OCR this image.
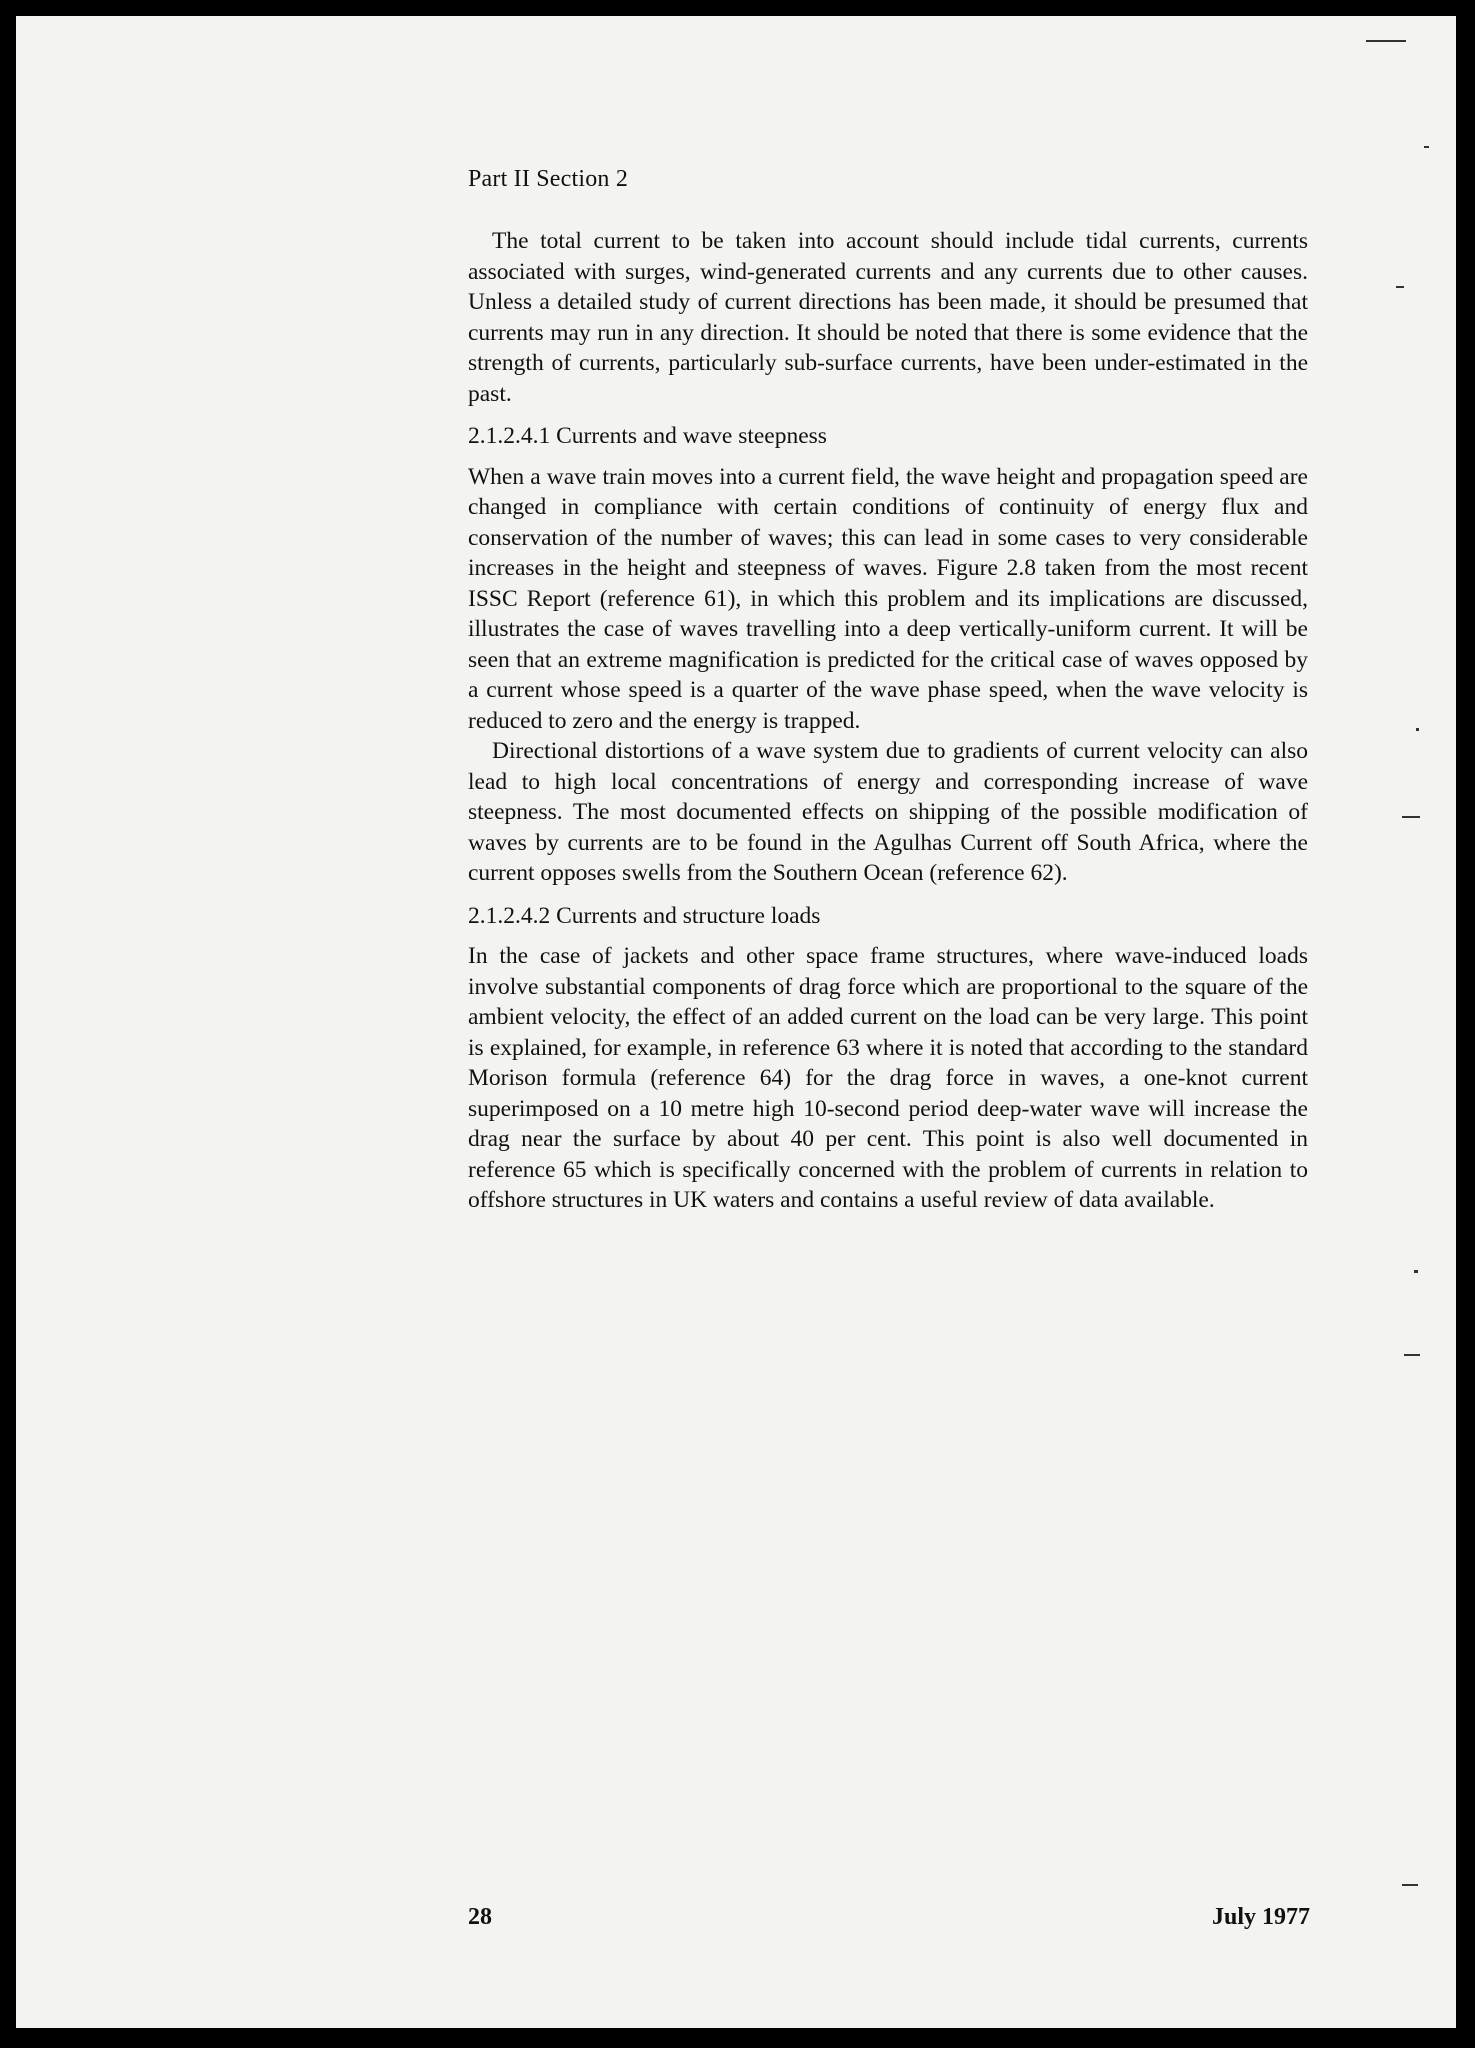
Part II Section 2

The total current to be taken into account should include tidal currents, currents associated with surges, wind-generated currents and any currents due to other causes. Unless a detailed study of current directions has been made, it should be presumed that currents may run in any direction. It should be noted that there is some evidence that the strength of currents, particularly sub-surface currents, have been under-estimated in the past.

2.1.2.4.1 Currents and wave steepness

When a wave train moves into a current field, the wave height and propagation speed are changed in compliance with certain conditions of continuity of energy flux and conservation of the number of waves; this can lead in some cases to very considerable increases in the height and steepness of waves. Figure 2.8 taken from the most recent ISSC Report (reference 61), in which this problem and its implications are discussed, illustrates the case of waves travelling into a deep vertically-uniform current. It will be seen that an extreme magnification is predicted for the critical case of waves opposed by a current whose speed is a quarter of the wave phase speed, when the wave velocity is reduced to zero and the energy is trapped.

Directional distortions of a wave system due to gradients of current velocity can also lead to high local concentrations of energy and corresponding increase of wave steepness. The most documented effects on shipping of the possible modification of waves by currents are to be found in the Agulhas Current off South Africa, where the current opposes swells from the Southern Ocean (reference 62).

2.1.2.4.2 Currents and structure loads

In the case of jackets and other space frame structures, where wave-induced loads involve substantial components of drag force which are proportional to the square of the ambient velocity, the effect of an added current on the load can be very large. This point is explained, for example, in reference 63 where it is noted that according to the standard Morison formula (reference 64) for the drag force in waves, a one-knot current superimposed on a 10 metre high 10-second period deep-water wave will increase the drag near the surface by about 40 per cent. This point is also well documented in reference 65 which is specifically concerned with the problem of currents in relation to offshore structures in UK waters and contains a useful review of data available.

28	July 1977
